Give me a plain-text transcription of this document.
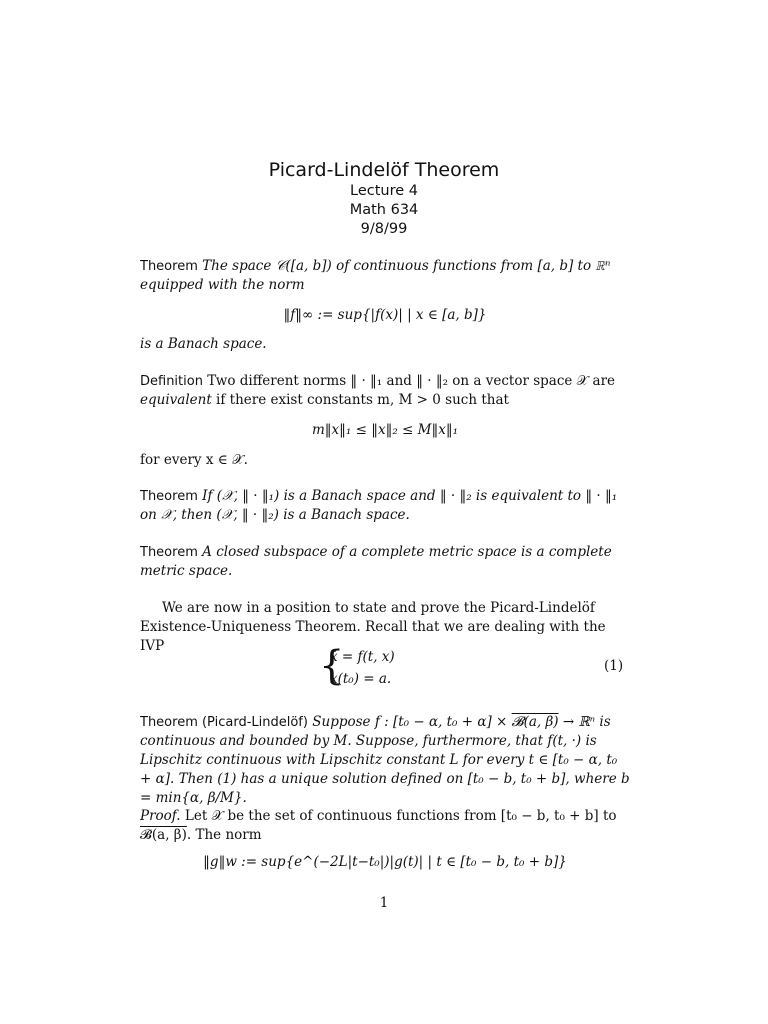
Picard-Lindelöf Theorem
Lecture 4
Math 634
9/8/99
Theorem The space 𝒞([a, b]) of continuous functions from [a, b] to ℝⁿ equipped with the norm
‖f‖∞ := sup{|f(x)| | x ∈ [a, b]}
is a Banach space.
Definition Two different norms ‖ · ‖₁ and ‖ · ‖₂ on a vector space 𝒳 are equivalent if there exist constants m, M > 0 such that
m‖x‖₁ ≤ ‖x‖₂ ≤ M‖x‖₁
for every x ∈ 𝒳.
Theorem If (𝒳, ‖ · ‖₁) is a Banach space and ‖ · ‖₂ is equivalent to ‖ · ‖₁ on 𝒳, then (𝒳, ‖ · ‖₂) is a Banach space.
Theorem A closed subspace of a complete metric space is a complete metric space.
We are now in a position to state and prove the Picard-Lindelöf Existence-Uniqueness Theorem. Recall that we are dealing with the IVP	{
ẋ = f(t, x)
x(t₀) = a.
(1)
Theorem (Picard-Lindelöf) Suppose f : [t₀ − α, t₀ + α] × 𝓑(a, β) → ℝⁿ is continuous and bounded by M. Suppose, furthermore, that f(t, ·) is Lipschitz continuous with Lipschitz constant L for every t ∈ [t₀ − α, t₀ + α]. Then (1) has a unique solution defined on [t₀ − b, t₀ + b], where b = min{α, β/M}.
Proof. Let 𝒳 be the set of continuous functions from [t₀ − b, t₀ + b] to 𝓑(a, β). The norm
‖g‖w := sup{e^(−2L|t−t₀|)|g(t)| | t ∈ [t₀ − b, t₀ + b]}
1
